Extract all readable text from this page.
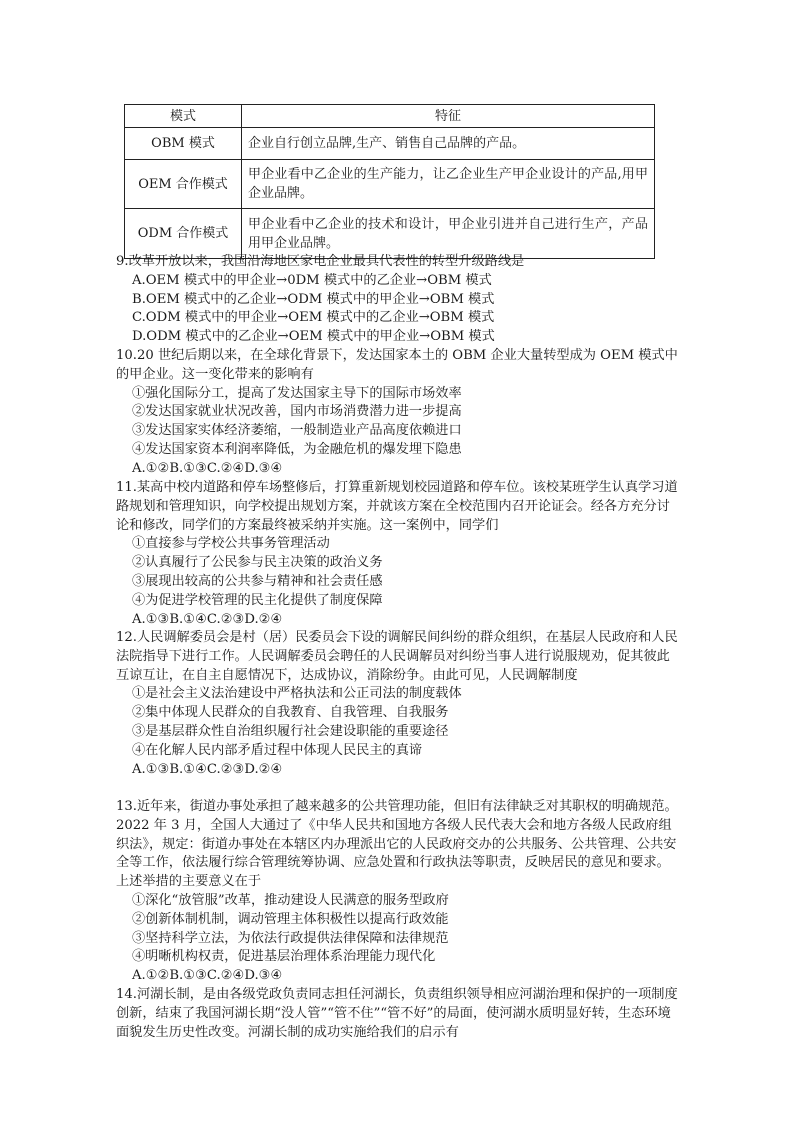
模式	特征
OBM 模式	企业自行创立品牌,生产、销售自己品牌的产品。
OEM 合作模式	甲企业看中乙企业的生产能力，让乙企业生产甲企业设计的产品,用甲企业品牌。
ODM 合作模式	甲企业看中乙企业的技术和设计，甲企业引进并自己进行生产，产品用甲企业品牌。

9.改革开放以来，我国沿海地区家电企业最具代表性的转型升级路线是

A.OEM 模式中的甲企业→0DM 模式中的乙企业→OBM 模式

B.OEM 模式中的乙企业→ODM 模式中的甲企业→OBM 模式

C.ODM 模式中的甲企业→OEM 模式中的乙企业→OBM 模式

D.ODM 模式中的乙企业→OEM 模式中的甲企业→OBM 模式

10.20 世纪后期以来，在全球化背景下，发达国家本土的 OBM 企业大量转型成为 OEM 模式中的甲企业。这一变化带来的影响有

①强化国际分工，提高了发达国家主导下的国际市场效率

②发达国家就业状况改善，国内市场消费潜力进一步提高

③发达国家实体经济萎缩，一般制造业产品高度依赖进口

④发达国家资本利润率降低，为金融危机的爆发埋下隐患

A.①②B.①③C.②④D.③④

11.某高中校内道路和停车场整修后，打算重新规划校园道路和停车位。该校某班学生认真学习道路规划和管理知识，向学校提出规划方案，并就该方案在全校范围内召开论证会。经各方充分讨论和修改，同学们的方案最终被采纳并实施。这一案例中，同学们

①直接参与学校公共事务管理活动

②认真履行了公民参与民主决策的政治义务

③展现出较高的公共参与精神和社会责任感

④为促进学校管理的民主化提供了制度保障

A.①③B.①④C.②③D.②④

12.人民调解委员会是村（居）民委员会下设的调解民间纠纷的群众组织，在基层人民政府和人民法院指导下进行工作。人民调解委员会聘任的人民调解员对纠纷当事人进行说服规劝，促其彼此互谅互让，在自主自愿情况下，达成协议，消除纷争。由此可见，人民调解制度

①是社会主义法治建设中严格执法和公正司法的制度载体

②集中体现人民群众的自我教育、自我管理、自我服务

③是基层群众性自治组织履行社会建设职能的重要途径

④在化解人民内部矛盾过程中体现人民民主的真谛

A.①③B.①④C.②③D.②④

13.近年来，街道办事处承担了越来越多的公共管理功能，但旧有法律缺乏对其职权的明确规范。2022 年 3 月，全国人大通过了《中华人民共和国地方各级人民代表大会和地方各级人民政府组织法》，规定：街道办事处在本辖区内办理派出它的人民政府交办的公共服务、公共管理、公共安全等工作，依法履行综合管理统筹协调、应急处置和行政执法等职责，反映居民的意见和要求。上述举措的主要意义在于

①深化“放管服”改革，推动建设人民满意的服务型政府

②创新体制机制，调动管理主体积极性以提高行政效能

③坚持科学立法，为依法行政提供法律保障和法律规范

④明晰机构权责，促进基层治理体系治理能力现代化

A.①②B.①③C.②④D.③④

14.河湖长制，是由各级党政负责同志担任河湖长，负责组织领导相应河湖治理和保护的一项制度创新，结束了我国河湖长期“没人管”“管不住”“管不好”的局面，使河湖水质明显好转，生态环境面貌发生历史性改变。河湖长制的成功实施给我们的启示有
